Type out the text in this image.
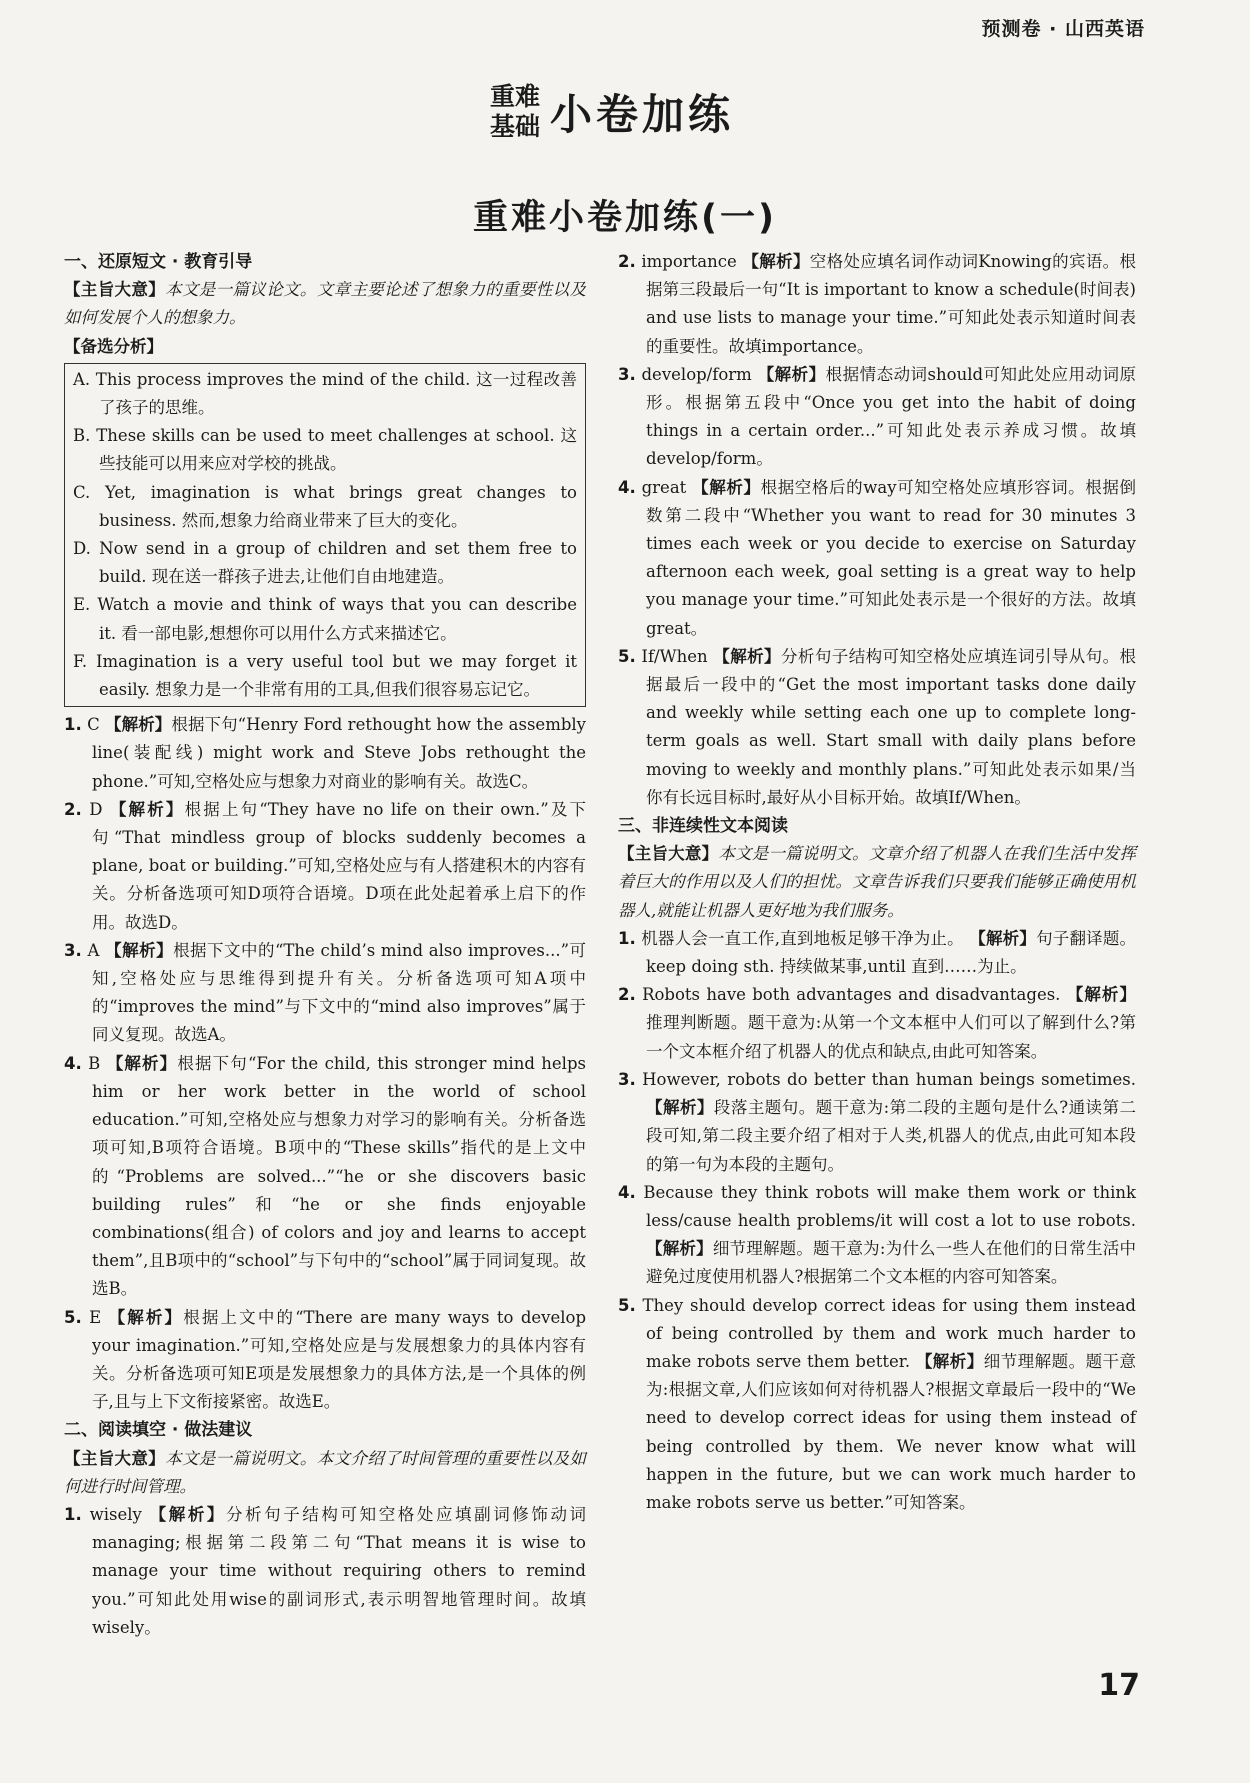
预测卷 · 山西英语
重难
基础 小卷加练
重难小卷加练(一)
一、还原短文 · 教育引导
【主旨大意】本文是一篇议论文。文章主要论述了想象力的重要性以及如何发展个人的想象力。
【备选分析】
A. This process improves the mind of the child. 这一过程改善了孩子的思维。
B. These skills can be used to meet challenges at school. 这些技能可以用来应对学校的挑战。
C. Yet, imagination is what brings great changes to business. 然而,想象力给商业带来了巨大的变化。
D. Now send in a group of children and set them free to build. 现在送一群孩子进去,让他们自由地建造。
E. Watch a movie and think of ways that you can describe it. 看一部电影,想想你可以用什么方式来描述它。
F. Imagination is a very useful tool but we may forget it easily. 想象力是一个非常有用的工具,但我们很容易忘记它。
1. C 【解析】根据下句“Henry Ford rethought how the assembly line(装配线) might work and Steve Jobs rethought the phone.”可知,空格处应与想象力对商业的影响有关。故选C。
2. D 【解析】根据上句“They have no life on their own.”及下句“That mindless group of blocks suddenly becomes a plane, boat or building.”可知,空格处应与有人搭建积木的内容有关。分析备选项可知D项符合语境。D项在此处起着承上启下的作用。故选D。
3. A 【解析】根据下文中的“The child’s mind also improves...”可知,空格处应与思维得到提升有关。分析备选项可知A项中的“improves the mind”与下文中的“mind also improves”属于同义复现。故选A。
4. B 【解析】根据下句“For the child, this stronger mind helps him or her work better in the world of school education.”可知,空格处应与想象力对学习的影响有关。分析备选项可知,B项符合语境。B项中的“These skills”指代的是上文中的“Problems are solved...”“he or she discovers basic building rules”和“he or she finds enjoyable combinations(组合) of colors and joy and learns to accept them”,且B项中的“school”与下句中的“school”属于同词复现。故选B。
5. E 【解析】根据上文中的“There are many ways to develop your imagination.”可知,空格处应是与发展想象力的具体内容有关。分析备选项可知E项是发展想象力的具体方法,是一个具体的例子,且与上下文衔接紧密。故选E。
二、阅读填空 · 做法建议
【主旨大意】本文是一篇说明文。本文介绍了时间管理的重要性以及如何进行时间管理。
1. wisely 【解析】分析句子结构可知空格处应填副词修饰动词managing;根据第二段第二句“That means it is wise to manage your time without requiring others to remind you.”可知此处用wise的副词形式,表示明智地管理时间。故填wisely。
2. importance 【解析】空格处应填名词作动词Knowing的宾语。根据第三段最后一句“It is important to know a schedule(时间表) and use lists to manage your time.”可知此处表示知道时间表的重要性。故填importance。
3. develop/form 【解析】根据情态动词should可知此处应用动词原形。根据第五段中“Once you get into the habit of doing things in a certain order...”可知此处表示养成习惯。故填develop/form。
4. great 【解析】根据空格后的way可知空格处应填形容词。根据倒数第二段中“Whether you want to read for 30 minutes 3 times each week or you decide to exercise on Saturday afternoon each week, goal setting is a great way to help you manage your time.”可知此处表示是一个很好的方法。故填great。
5. If/When 【解析】分析句子结构可知空格处应填连词引导从句。根据最后一段中的“Get the most important tasks done daily and weekly while setting each one up to complete long-term goals as well. Start small with daily plans before moving to weekly and monthly plans.”可知此处表示如果/当你有长远目标时,最好从小目标开始。故填If/When。
三、非连续性文本阅读
【主旨大意】本文是一篇说明文。文章介绍了机器人在我们生活中发挥着巨大的作用以及人们的担忧。文章告诉我们只要我们能够正确使用机器人,就能让机器人更好地为我们服务。
1. 机器人会一直工作,直到地板足够干净为止。 【解析】句子翻译题。keep doing sth. 持续做某事,until 直到……为止。
2. Robots have both advantages and disadvantages. 【解析】推理判断题。题干意为:从第一个文本框中人们可以了解到什么?第一个文本框介绍了机器人的优点和缺点,由此可知答案。
3. However, robots do better than human beings sometimes. 【解析】段落主题句。题干意为:第二段的主题句是什么?通读第二段可知,第二段主要介绍了相对于人类,机器人的优点,由此可知本段的第一句为本段的主题句。
4. Because they think robots will make them work or think less/cause health problems/it will cost a lot to use robots. 【解析】细节理解题。题干意为:为什么一些人在他们的日常生活中避免过度使用机器人?根据第二个文本框的内容可知答案。
5. They should develop correct ideas for using them instead of being controlled by them and work much harder to make robots serve them better. 【解析】细节理解题。题干意为:根据文章,人们应该如何对待机器人?根据文章最后一段中的“We need to develop correct ideas for using them instead of being controlled by them. We never know what will happen in the future, but we can work much harder to make robots serve us better.”可知答案。
17
